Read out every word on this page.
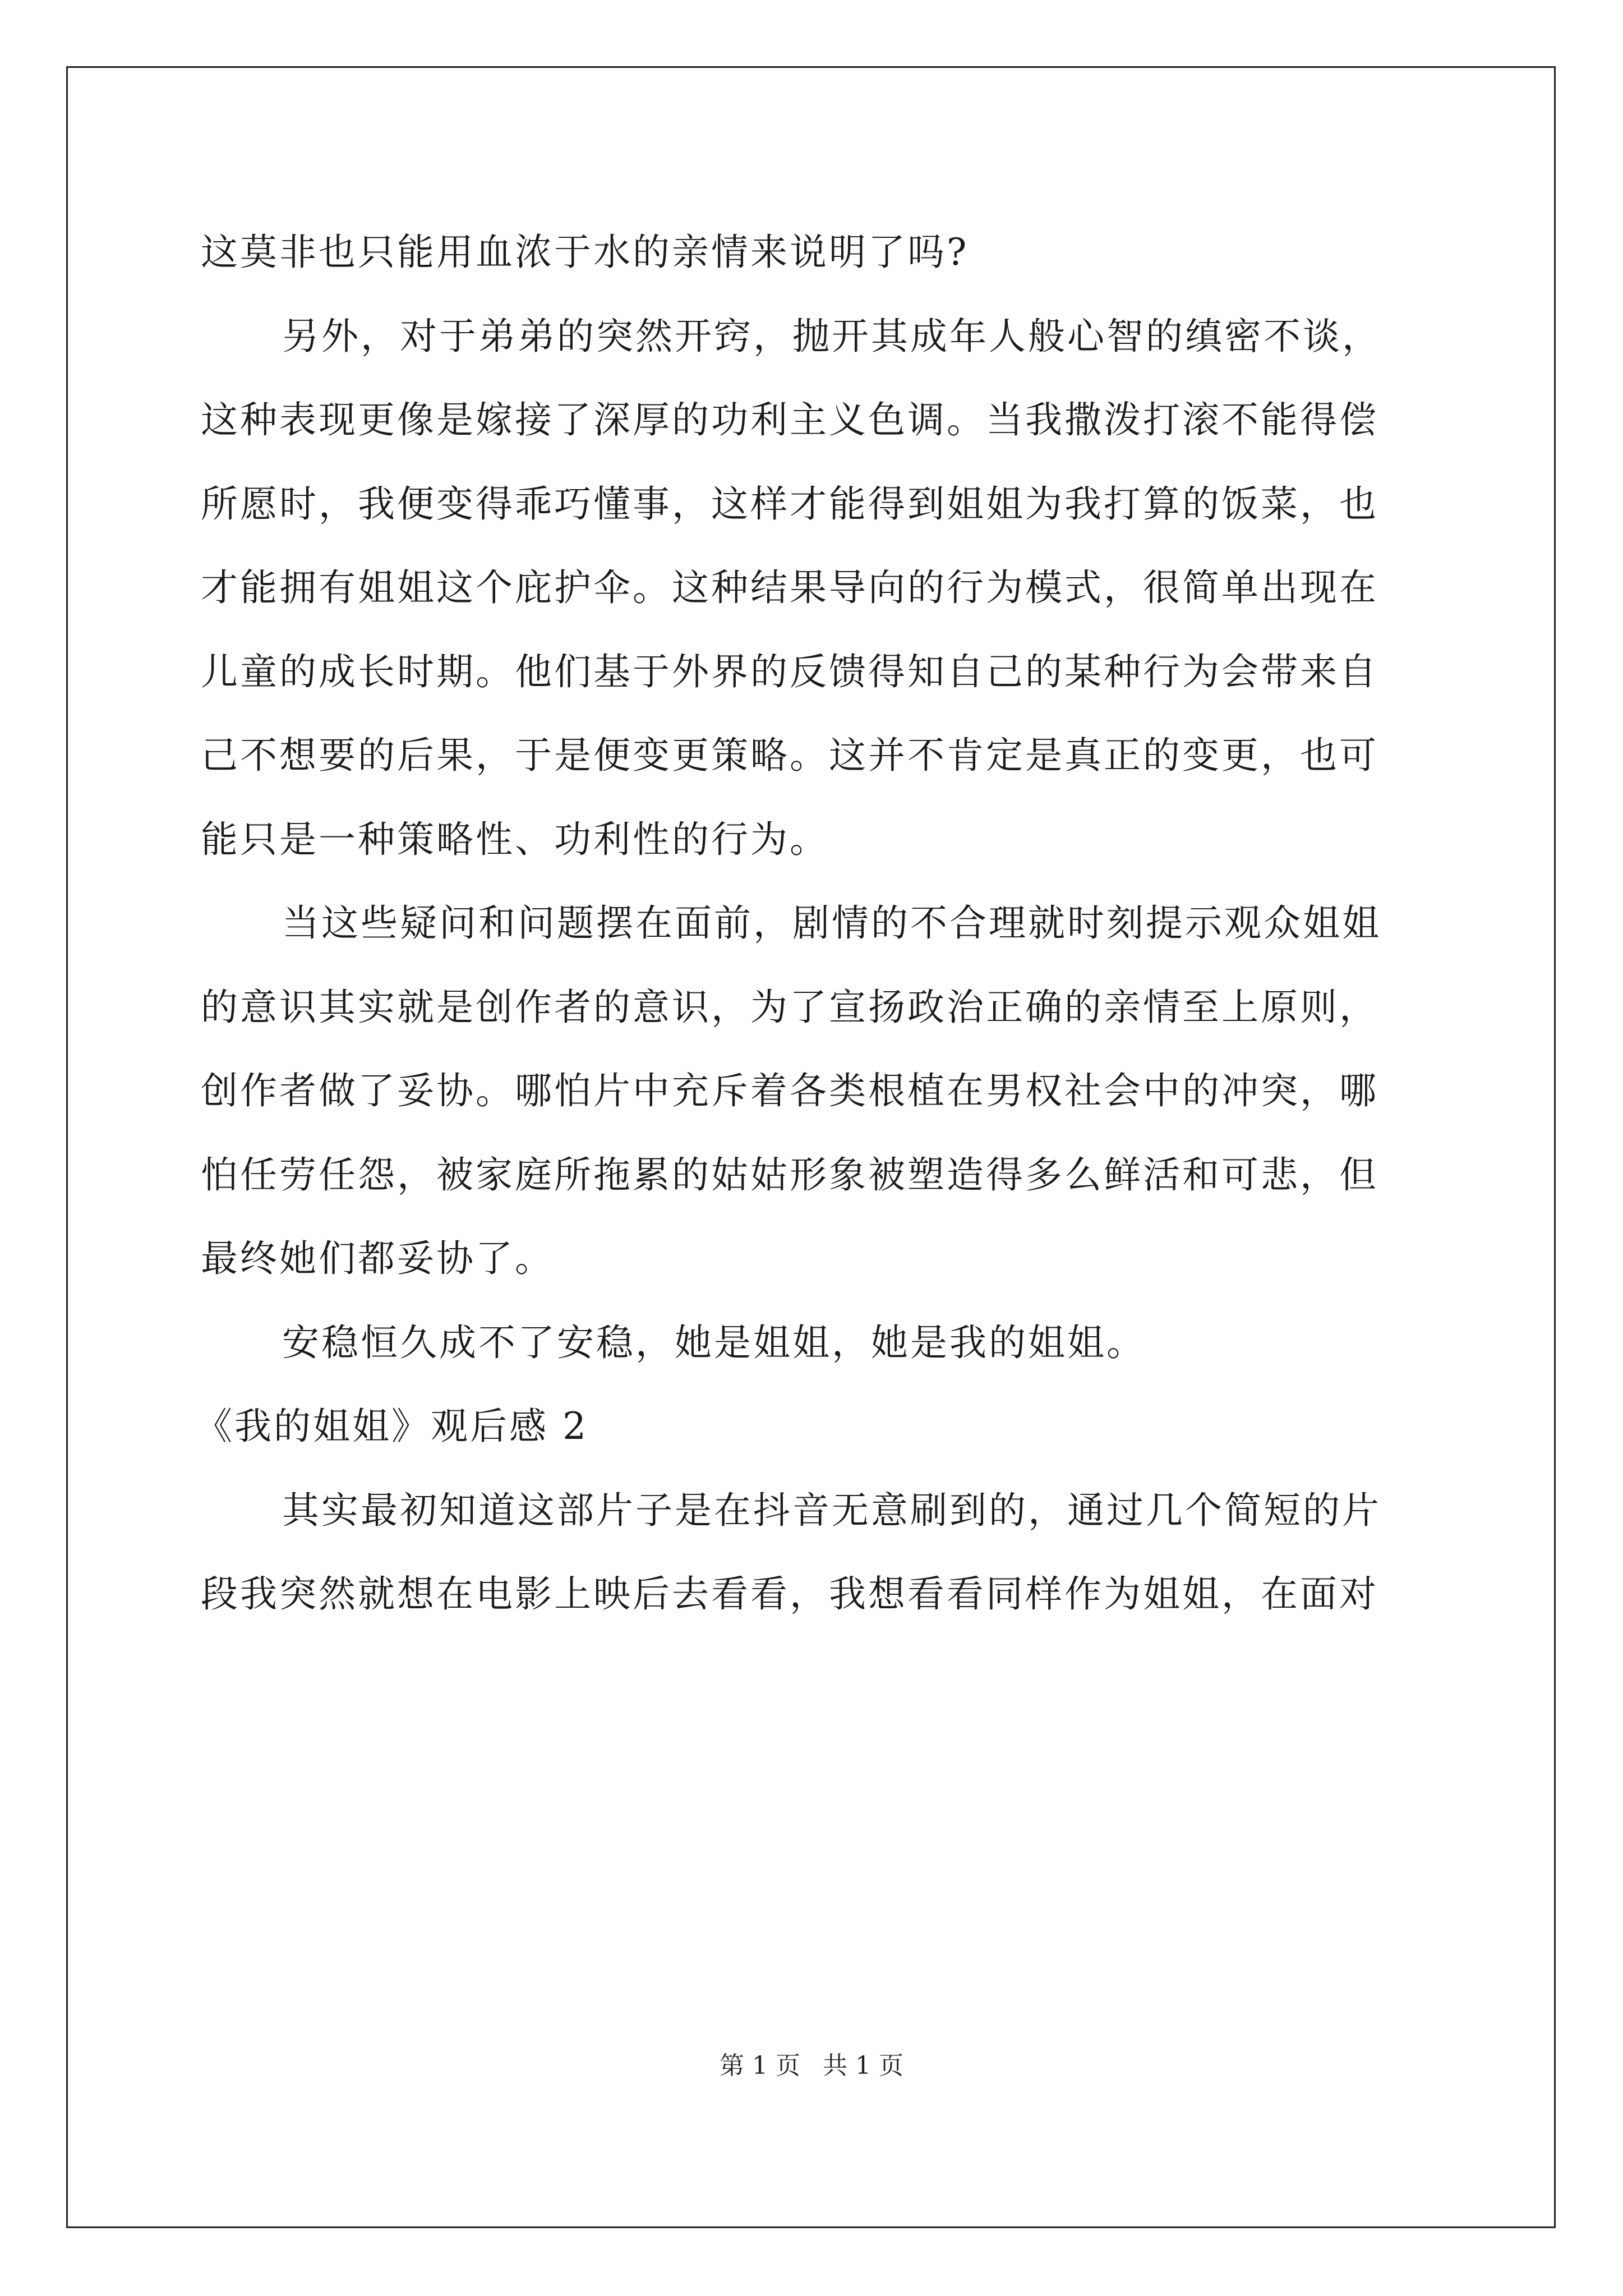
这莫非也只能用血浓于水的亲情来说明了吗?
另外，对于弟弟的突然开窍，抛开其成年人般心智的缜密不谈，
这种表现更像是嫁接了深厚的功利主义色调。当我撒泼打滚不能得偿
所愿时，我便变得乖巧懂事，这样才能得到姐姐为我打算的饭菜，也
才能拥有姐姐这个庇护伞。这种结果导向的行为模式，很简单出现在
儿童的成长时期。他们基于外界的反馈得知自己的某种行为会带来自
己不想要的后果，于是便变更策略。这并不肯定是真正的变更，也可
能只是一种策略性、功利性的行为。
当这些疑问和问题摆在面前，剧情的不合理就时刻提示观众姐姐
的意识其实就是创作者的意识，为了宣扬政治正确的亲情至上原则，
创作者做了妥协。哪怕片中充斥着各类根植在男权社会中的冲突，哪
怕任劳任怨，被家庭所拖累的姑姑形象被塑造得多么鲜活和可悲，但
最终她们都妥协了。
安稳恒久成不了安稳，她是姐姐，她是我的姐姐。
《我的姐姐》观后感 2
其实最初知道这部片子是在抖音无意刷到的，通过几个简短的片
段我突然就想在电影上映后去看看，我想看看同样作为姐姐，在面对
第 1 页 共 1 页
